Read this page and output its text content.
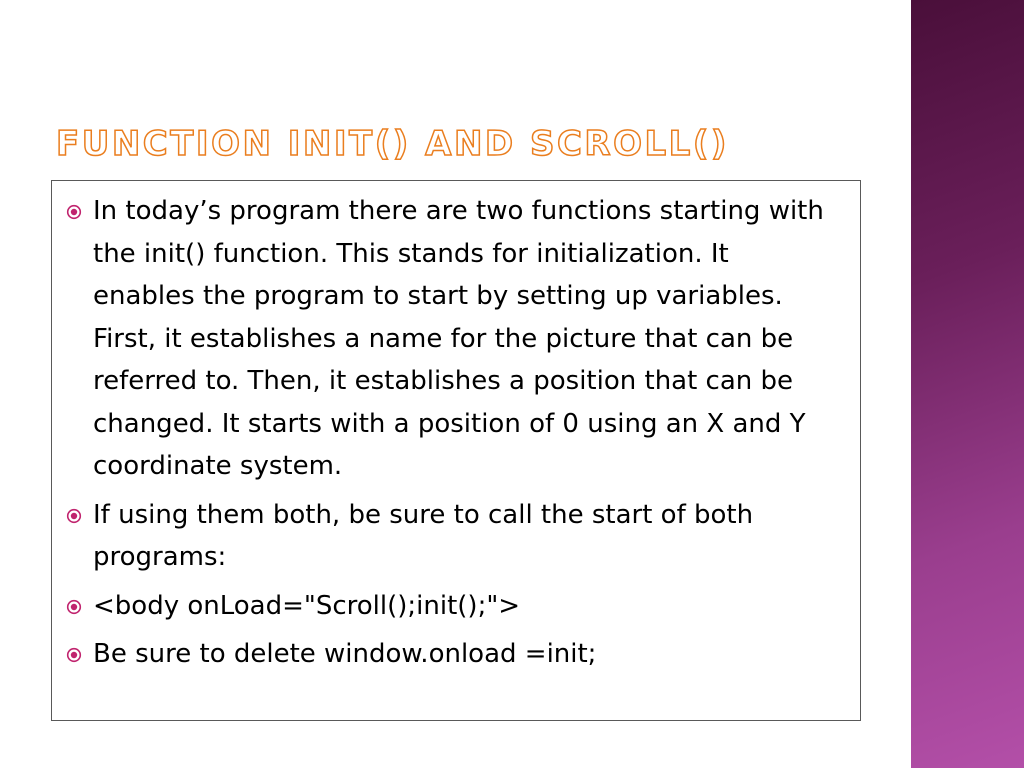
FUNCTION INIT() AND SCROLL()
In today’s program there are two functions starting with the init() function. This stands for initialization. It enables the program to start by setting up variables. First, it establishes a name for the picture that can be referred to. Then, it establishes a position that can be changed. It starts with a position of 0 using an X and Y coordinate system.
If using them both, be sure to call the start of both programs:
<body onLoad="Scroll();init();">
Be sure to delete window.onload =init;
